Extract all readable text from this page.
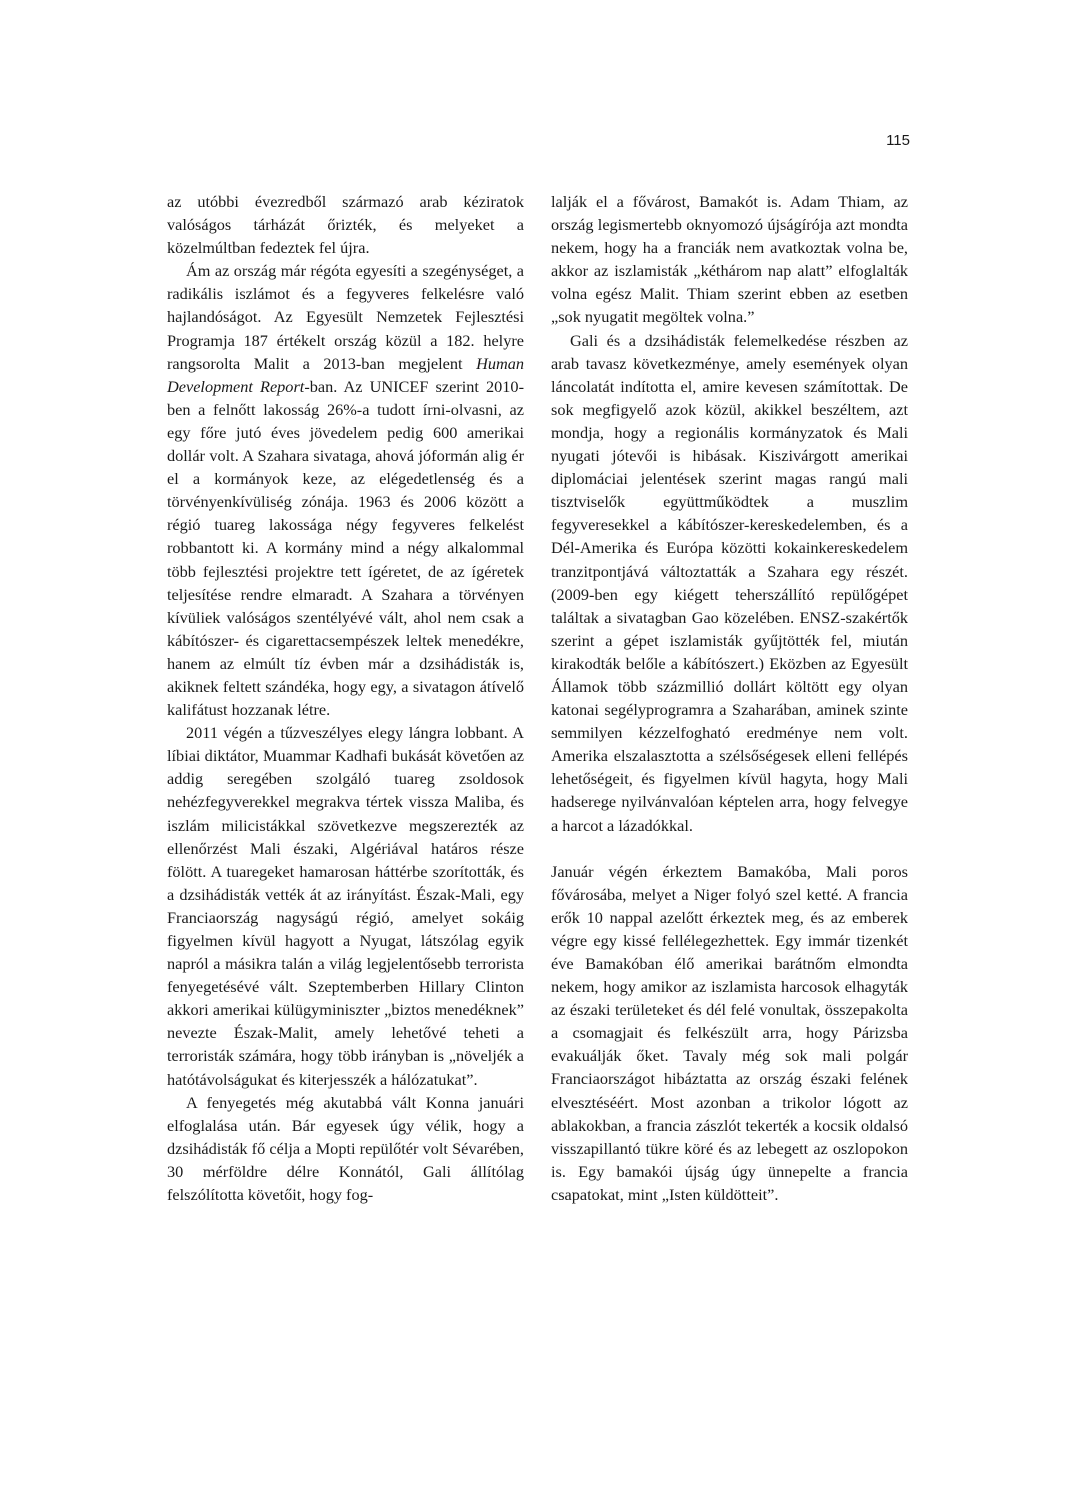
115

az utóbbi évezredből származó arab kéziratok valóságos tárházát őrizték, és melyeket a közelmúltban fedeztek fel újra.

Ám az ország már régóta egyesíti a szegénységet, a radikális iszlámot és a fegyveres felkelésre való hajlandóságot. Az Egyesült Nemzetek Fejlesztési Programja 187 értékelt ország közül a 182. helyre rangsorolta Malit a 2013-ban megjelent Human Development Report-ban. Az UNICEF szerint 2010-ben a felnőtt lakosság 26%-a tudott írni-olvasni, az egy főre jutó éves jövedelem pedig 600 amerikai dollár volt. A Szahara sivataga, ahová jóformán alig ér el a kormányok keze, az elégedetlenség és a törvényenkívüliség zónája. 1963 és 2006 között a régió tuareg lakossága négy fegyveres felkelést robbantott ki. A kormány mind a négy alkalommal több fejlesztési projektre tett ígéretet, de az ígéretek teljesítése rendre elmaradt. A Szahara a törvényen kívüliek valóságos szentélyévé vált, ahol nem csak a kábítószer- és cigarettacsempészek leltek menedékre, hanem az elmúlt tíz évben már a dzsihádisták is, akiknek feltett szándéka, hogy egy, a sivatagon átívelő kalifátust hozzanak létre.

2011 végén a tűzveszélyes elegy lángra lobbant. A líbiai diktátor, Muammar Kadhafi bukását követően az addig seregében szolgáló tuareg zsoldosok nehézfegyverekkel megrakva tértek vissza Maliba, és iszlám milicistákkal szövetkezve megszerezték az ellenőrzést Mali északi, Algériával határos része fölött. A tuaregeket hamarosan háttérbe szorították, és a dzsihádisták vették át az irányítást. Észak-Mali, egy Franciaország nagyságú régió, amelyet sokáig figyelmen kívül hagyott a Nyugat, látszólag egyik napról a másikra talán a világ legjelentősebb terrorista fenyegetésévé vált. Szeptemberben Hillary Clinton akkori amerikai külügyminiszter „biztos menedéknek” nevezte Észak-Malit, amely lehetővé teheti a terroristák számára, hogy több irányban is „növeljék a hatótávolságukat és kiterjesszék a hálózatukat”.

A fenyegetés még akutabbá vált Konna januári elfoglalása után. Bár egyesek úgy vélik, hogy a dzsihádisták fő célja a Mopti repülőtér volt Sévarében, 30 mérföldre délre Konnától, Gali állítólag felszólította követőit, hogy fog-

lalják el a fővárost, Bamakót is. Adam Thiam, az ország legismertebb oknyomozó újságírója azt mondta nekem, hogy ha a franciák nem avatkoztak volna be, akkor az iszlamisták „kéthárom nap alatt” elfoglalták volna egész Malit. Thiam szerint ebben az esetben „sok nyugatit megöltek volna.”

Gali és a dzsihádisták felemelkedése részben az arab tavasz következménye, amely események olyan láncolatát indította el, amire kevesen számítottak. De sok megfigyelő azok közül, akikkel beszéltem, azt mondja, hogy a regionális kormányzatok és Mali nyugati jótevői is hibásak. Kiszivárgott amerikai diplomáciai jelentések szerint magas rangú mali tisztviselők együttműködtek a muszlim fegyveresekkel a kábítószer-kereskedelemben, és a Dél-Amerika és Európa közötti kokainkereskedelem tranzitpontjává változtatták a Szahara egy részét. (2009-ben egy kiégett teherszállító repülőgépet találtak a sivatagban Gao közelében. ENSZ-szakértők szerint a gépet iszlamisták gyűjtötték fel, miután kirakodták belőle a kábítószert.) Eközben az Egyesült Államok több százmillió dollárt költött egy olyan katonai segélyprogramra a Szaharában, aminek szinte semmilyen kézzelfogható eredménye nem volt. Amerika elszalasztotta a szélsőségesek elleni fellépés lehetőségeit, és figyelmen kívül hagyta, hogy Mali hadserege nyilvánvalóan képtelen arra, hogy felvegye a harcot a lázadókkal.

Január végén érkeztem Bamakóba, Mali poros fővárosába, melyet a Niger folyó szel ketté. A francia erők 10 nappal azelőtt érkeztek meg, és az emberek végre egy kissé fellélegezhettek. Egy immár tizenkét éve Bamakóban élő amerikai barátnőm elmondta nekem, hogy amikor az iszlamista harcosok elhagyták az északi területeket és dél felé vonultak, összepakolta a csomagjait és felkészült arra, hogy Párizsba evakuálják őket. Tavaly még sok mali polgár Franciaországot hibáztatta az ország északi felének elvesztéséért. Most azonban a trikolor lógott az ablakokban, a francia zászlót tekerték a kocsik oldalsó visszapillantó tükre köré és az lebegett az oszlopokon is. Egy bamakói újság úgy ünnepelte a francia csapatokat, mint „Isten küldötteit”.
